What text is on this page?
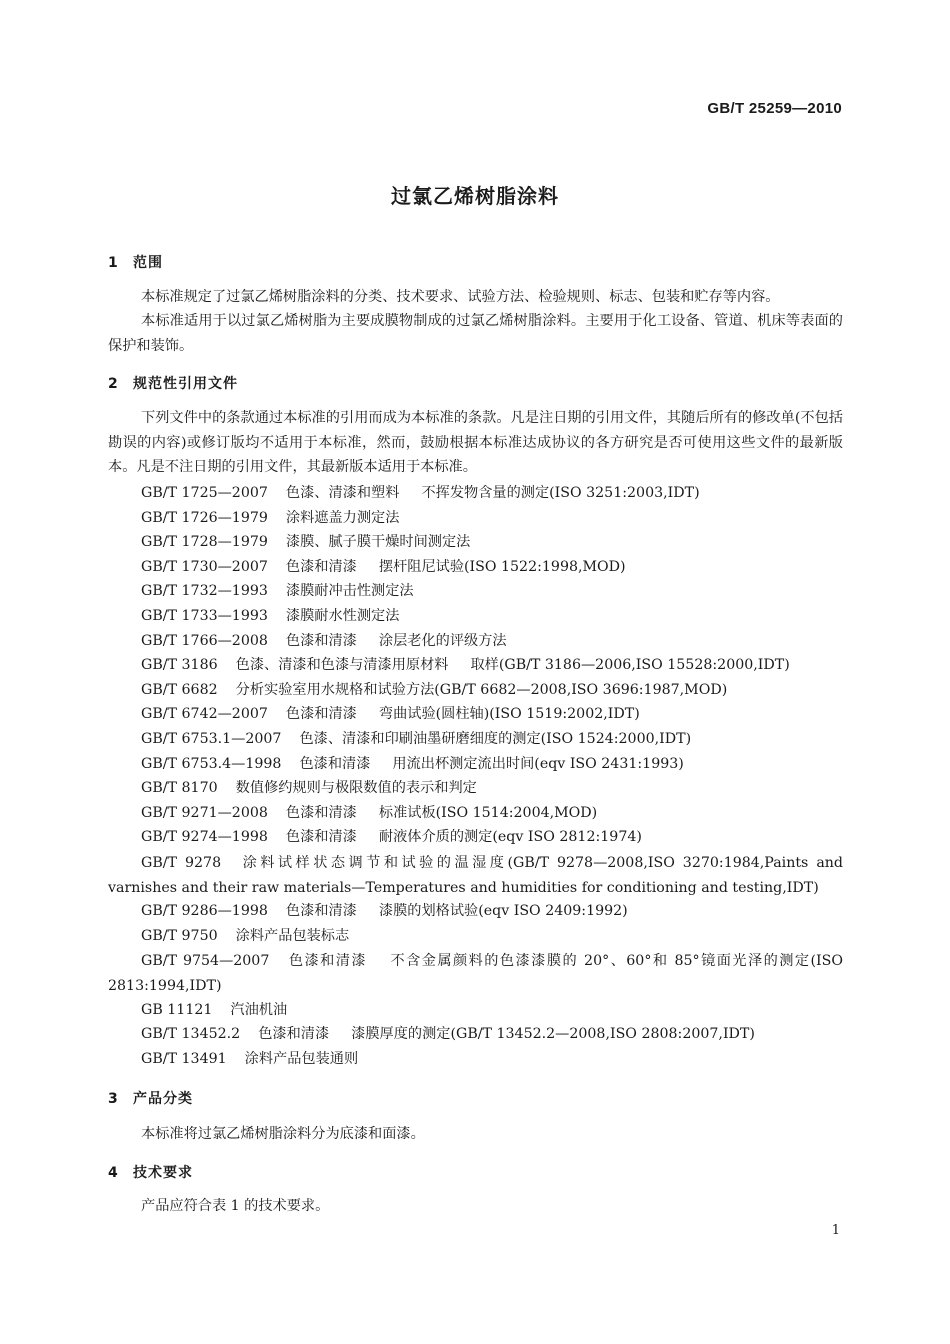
GB/T 25259—2010
过氯乙烯树脂涂料
1 范围
本标准规定了过氯乙烯树脂涂料的分类、技术要求、试验方法、检验规则、标志、包装和贮存等内容。
本标准适用于以过氯乙烯树脂为主要成膜物制成的过氯乙烯树脂涂料。主要用于化工设备、管道、机床等表面的保护和装饰。
2 规范性引用文件
下列文件中的条款通过本标准的引用而成为本标准的条款。凡是注日期的引用文件，其随后所有的修改单(不包括勘误的内容)或修订版均不适用于本标准，然而，鼓励根据本标准达成协议的各方研究是否可使用这些文件的最新版本。凡是不注日期的引用文件，其最新版本适用于本标准。
GB/T 1725—2007 色漆、清漆和塑料 不挥发物含量的测定(ISO 3251:2003,IDT)
GB/T 1726—1979 涂料遮盖力测定法
GB/T 1728—1979 漆膜、腻子膜干燥时间测定法
GB/T 1730—2007 色漆和清漆 摆杆阻尼试验(ISO 1522:1998,MOD)
GB/T 1732—1993 漆膜耐冲击性测定法
GB/T 1733—1993 漆膜耐水性测定法
GB/T 1766—2008 色漆和清漆 涂层老化的评级方法
GB/T 3186 色漆、清漆和色漆与清漆用原材料 取样(GB/T 3186—2006,ISO 15528:2000,IDT)
GB/T 6682 分析实验室用水规格和试验方法(GB/T 6682—2008,ISO 3696:1987,MOD)
GB/T 6742—2007 色漆和清漆 弯曲试验(圆柱轴)(ISO 1519:2002,IDT)
GB/T 6753.1—2007 色漆、清漆和印刷油墨研磨细度的测定(ISO 1524:2000,IDT)
GB/T 6753.4—1998 色漆和清漆 用流出杯测定流出时间(eqv ISO 2431:1993)
GB/T 8170 数值修约规则与极限数值的表示和判定
GB/T 9271—2008 色漆和清漆 标准试板(ISO 1514:2004,MOD)
GB/T 9274—1998 色漆和清漆 耐液体介质的测定(eqv ISO 2812:1974)
GB/T 9278 涂料试样状态调节和试验的温湿度(GB/T 9278—2008,ISO 3270:1984,Paints and varnishes and their raw materials—Temperatures and humidities for conditioning and testing,IDT)
GB/T 9286—1998 色漆和清漆 漆膜的划格试验(eqv ISO 2409:1992)
GB/T 9750 涂料产品包装标志
GB/T 9754—2007 色漆和清漆 不含金属颜料的色漆漆膜的 20°、60°和 85°镜面光泽的测定(ISO 2813:1994,IDT)
GB 11121 汽油机油
GB/T 13452.2 色漆和清漆 漆膜厚度的测定(GB/T 13452.2—2008,ISO 2808:2007,IDT)
GB/T 13491 涂料产品包装通则
3 产品分类
本标准将过氯乙烯树脂涂料分为底漆和面漆。
4 技术要求
产品应符合表 1 的技术要求。
1
